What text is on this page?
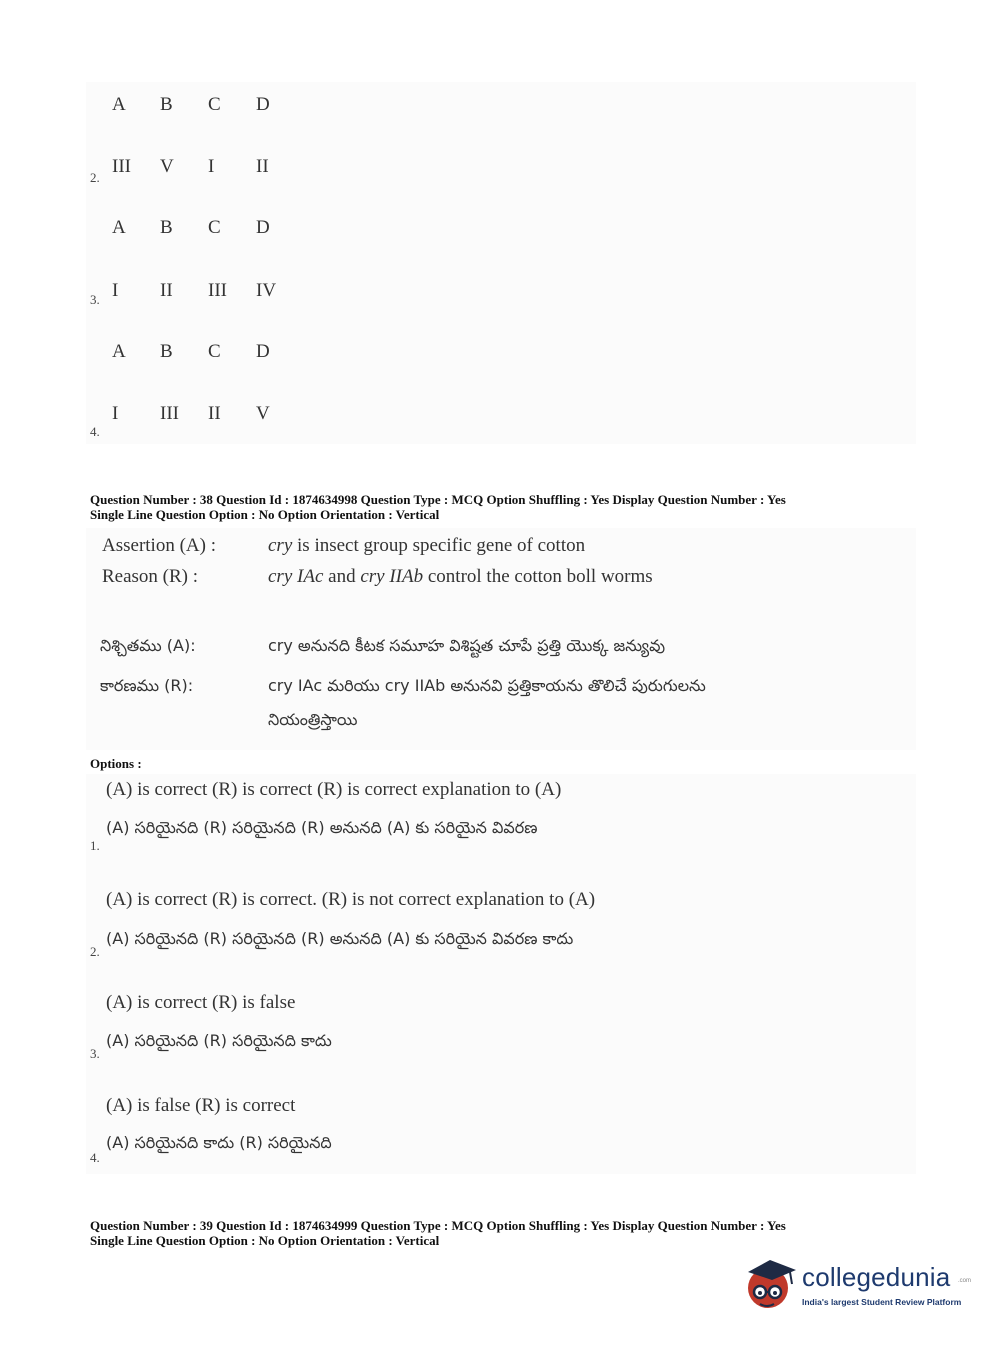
A	B	C	D
2.
III	V	I	II
A	B	C	D
3. I	II	III	IV
A	B	C	D
4.
I	III	II	V
Question Number : 38 Question Id : 1874634998 Question Type : MCQ Option Shuffling : Yes Display Question Number : Yes
Single Line Question Option : No Option Orientation : Vertical
Assertion (A) :	cry is insect group specific gene of cotton
Reason (R) :	cry IAc and cry IIAb control the cotton boll worms
నిశ్చితము (A):	cry అనునది కీటక సమూహ విశిష్టత చూపే ప్రత్తి యొక్క జన్యువు
కారణము (R):	cry IAc మరియు cry IIAb అనునవి ప్రత్తికాయను తొలిచే పురుగులను
నియంత్రిస్తాయి
Options :
(A) is correct (R) is correct (R) is correct explanation to (A)
(A) సరియైనది (R) సరియైనది (R) అనునది (A) కు సరియైన వివరణ
1.
(A) is correct (R) is correct. (R) is not correct explanation to (A)
(A) సరియైనది (R) సరియైనది (R) అనునది (A) కు సరియైన వివరణ కాదు
2.
(A) is correct (R) is false
(A) సరియైనది (R) సరియైనది కాదు
3.
(A) is false (R) is correct
(A) సరియైనది కాదు (R) సరియైనది
4.
Question Number : 39 Question Id : 1874634999 Question Type : MCQ Option Shuffling : Yes Display Question Number : Yes
Single Line Question Option : No Option Orientation : Vertical
collegedunia .com
India's largest Student Review Platform
